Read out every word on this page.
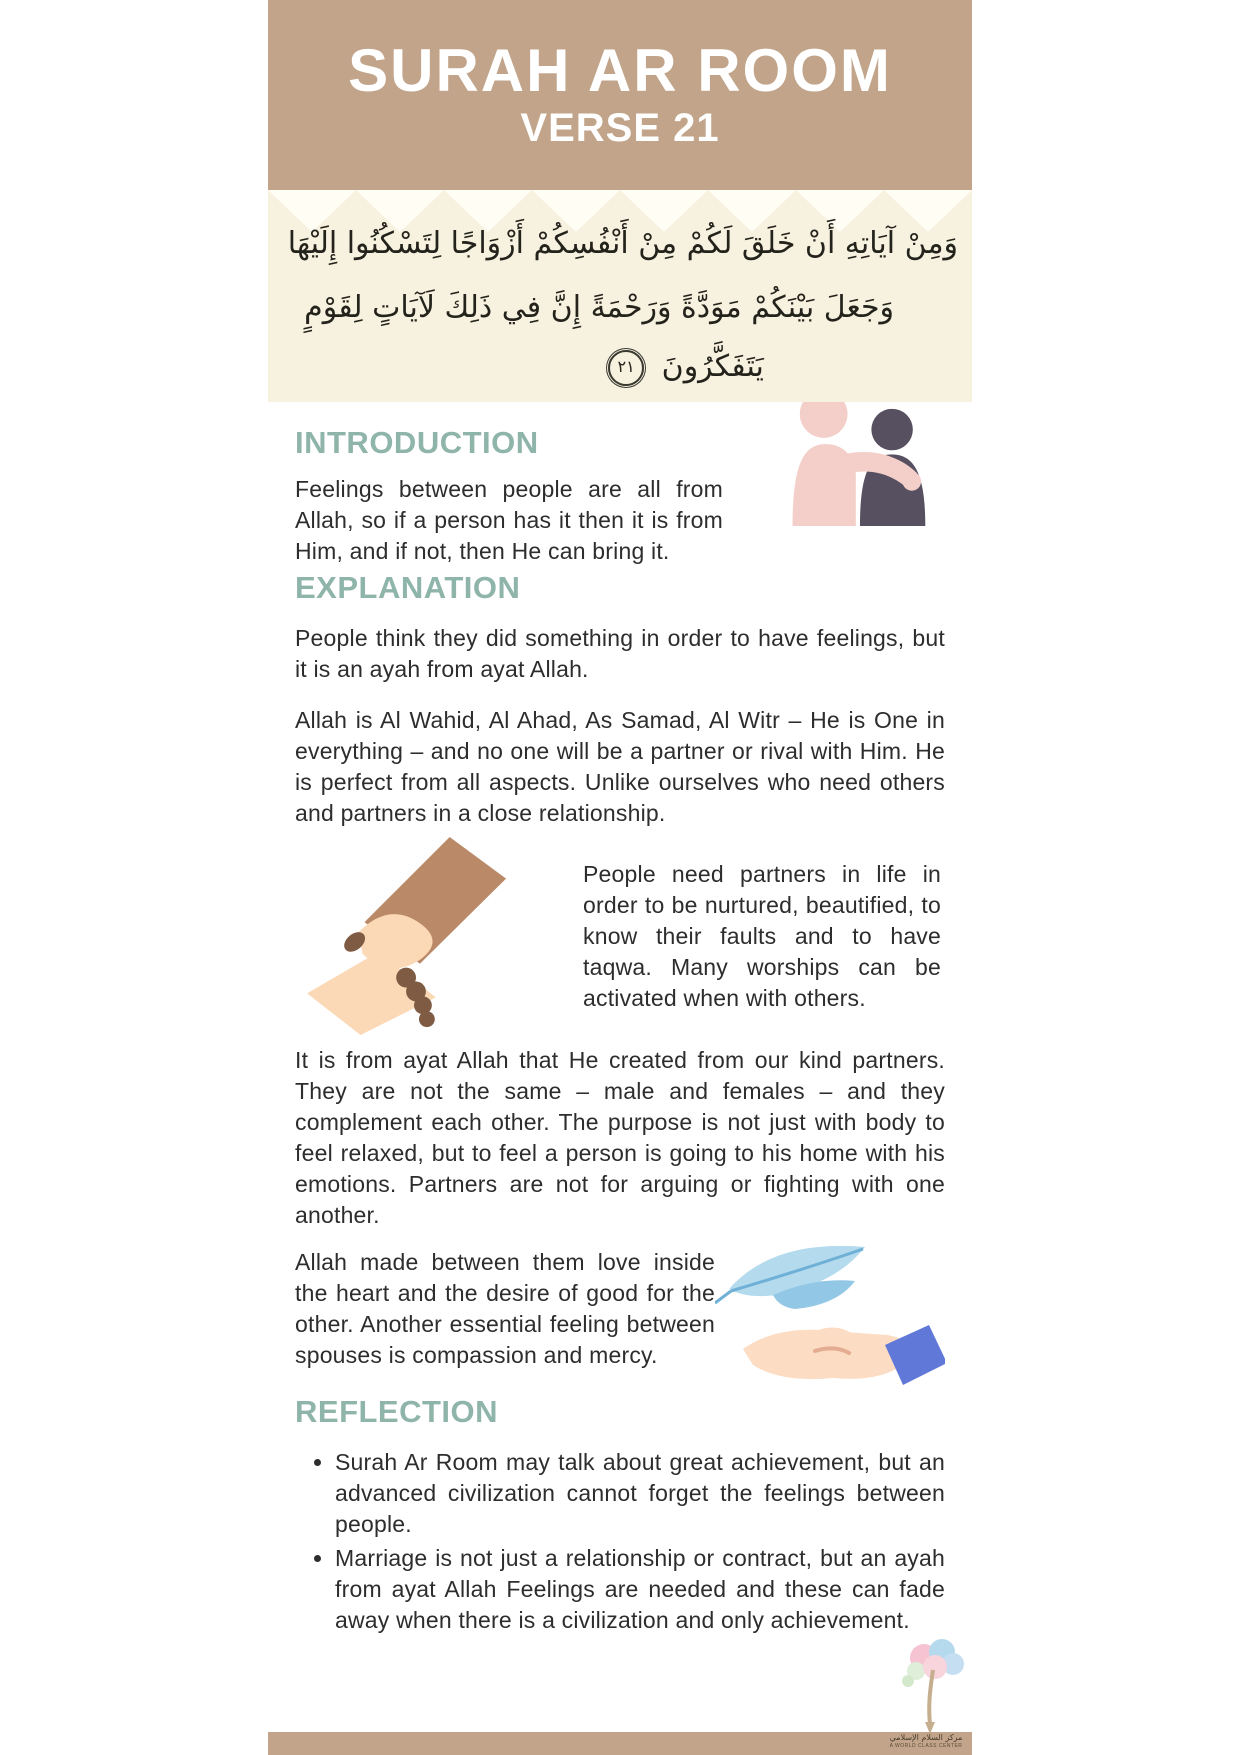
SURAH AR ROOM
VERSE 21
وَمِنْ آيَاتِهِ أَنْ خَلَقَ لَكُمْ مِنْ أَنْفُسِكُمْ أَزْوَاجًا لِتَسْكُنُوا إِلَيْهَا
وَجَعَلَ بَيْنَكُمْ مَوَدَّةً وَرَحْمَةً إِنَّ فِي ذَلِكَ لَآيَاتٍ لِقَوْمٍ
يَتَفَكَّرُونَ ٢١
INTRODUCTION

Feelings between people are all from Allah, so if a person has it then it is from Him, and if not, then He can bring it.

EXPLANATION

People think they did something in order to have feelings, but it is an ayah from ayat Allah.

Allah is Al Wahid, Al Ahad, As Samad, Al Witr – He is One in everything – and no one will be a partner or rival with Him. He is perfect from all aspects. Unlike ourselves who need others and partners in a close relationship.

People need partners in life in order to be nurtured, beautified, to know their faults and to have taqwa. Many worships can be activated when with others.

It is from ayat Allah that He created from our kind partners. They are not the same – male and females – and they complement each other. The purpose is not just with body to feel relaxed, but to feel a person is going to his home with his emotions. Partners are not for arguing or fighting with one another.

Allah made between them love inside the heart and the desire of good for the other. Another essential feeling between spouses is compassion and mercy.

REFLECTION
• Surah Ar Room may talk about great achievement, but an advanced civilization cannot forget the feelings between people.
• Marriage is not just a relationship or contract, but an ayah from ayat Allah Feelings are needed and these can fade away when there is a civilization and only achievement.
مركز السلام الإسلامي
A WORLD CLASS CENTER
